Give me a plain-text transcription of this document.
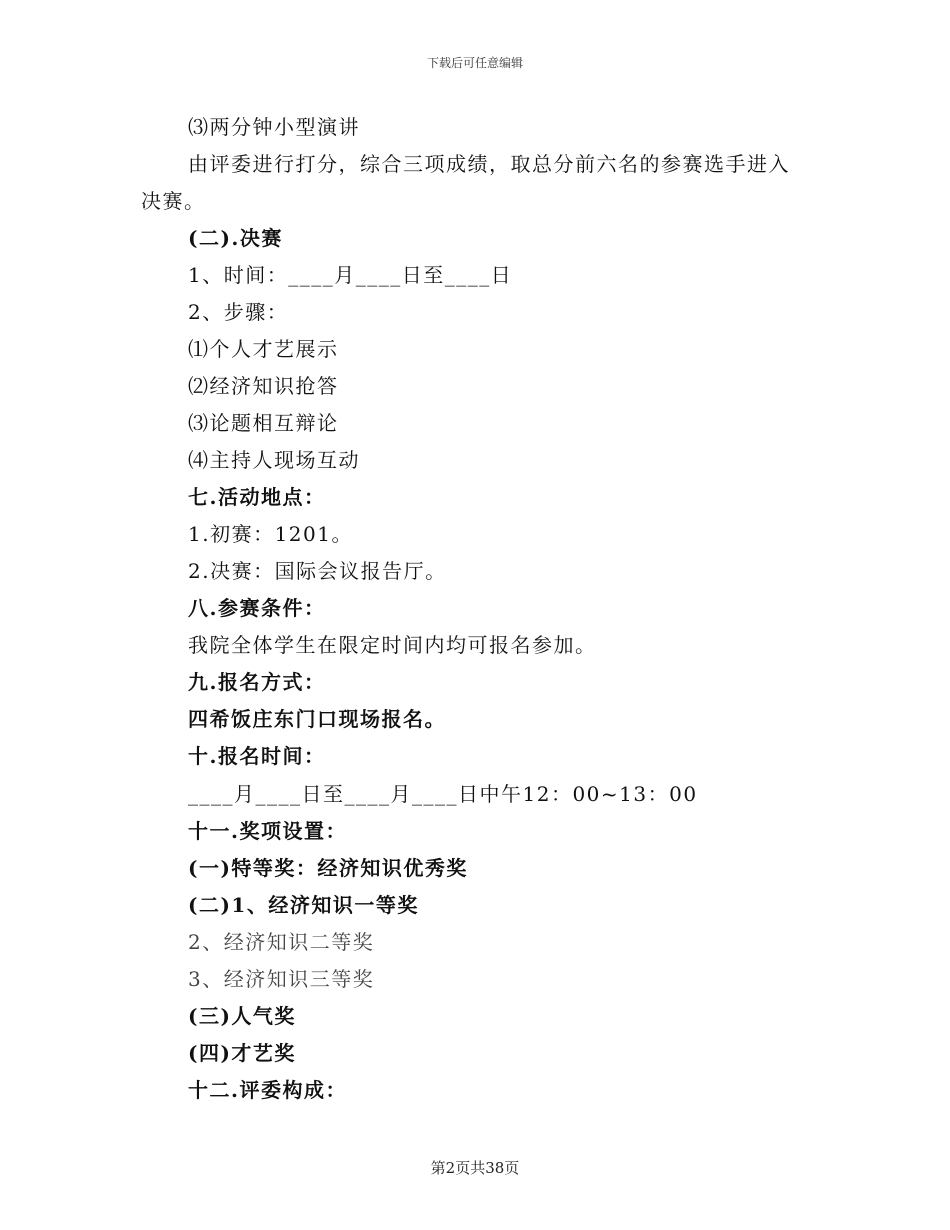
下载后可任意编辑
⑶两分钟小型演讲
由评委进行打分，综合三项成绩，取总分前六名的参赛选手进入
决赛。
(二).决赛
1、时间：____月____日至____日
2、步骤：
⑴个人才艺展示
⑵经济知识抢答
⑶论题相互辩论
⑷主持人现场互动
七.活动地点：
1.初赛：1201。
2.决赛：国际会议报告厅。
八.参赛条件：
我院全体学生在限定时间内均可报名参加。
九.报名方式：
四希饭庄东门口现场报名。
十.报名时间：
____月____日至____月____日中午12：00~13：00
十一.奖项设置：
(一)特等奖：经济知识优秀奖
(二)1、经济知识一等奖
2、经济知识二等奖
3、经济知识三等奖
(三)人气奖
(四)才艺奖
十二.评委构成：
第2页共38页
